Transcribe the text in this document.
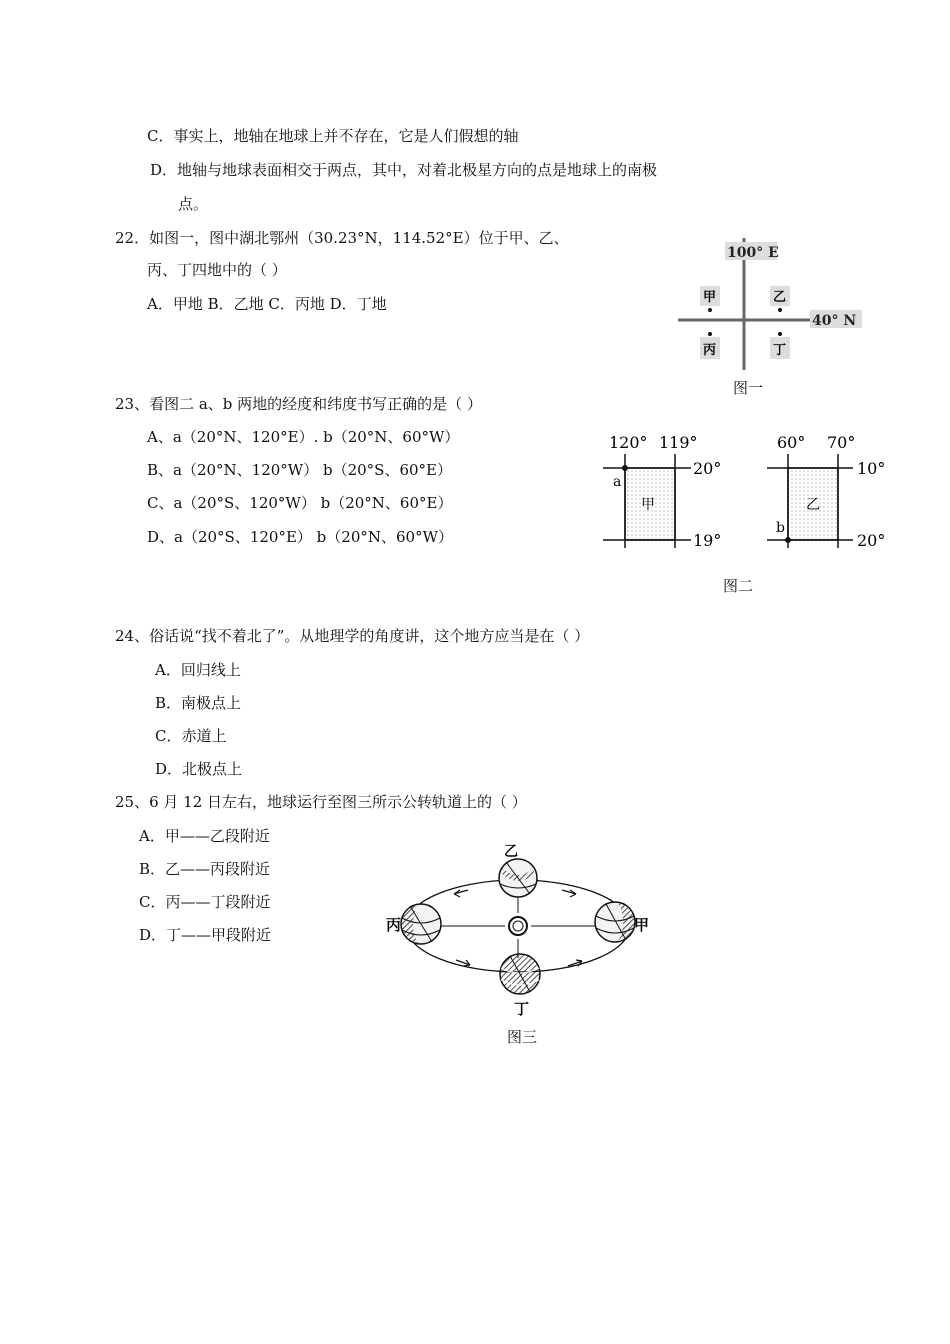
C．事实上，地轴在地球上并不存在，它是人们假想的轴
D．地轴与地球表面相交于两点，其中，对着北极星方向的点是地球上的南极
点。
22．如图一，图中湖北鄂州（30.23°N，114.52°E）位于甲、乙、
丙、丁四地中的（ ）
A．甲地 B．乙地 C．丙地 D．丁地
100° E
40° N
甲	乙
丙	丁
图一
23、看图二 a、b 两地的经度和纬度书写正确的是（ ）
A、a（20°N、120°E）. b（20°N、60°W）
B、a（20°N、120°W） b（20°S、60°E）
C、a（20°S、120°W） b（20°N、60°E）
D、a（20°S、120°E） b（20°N、60°W）
120° 119°
20°
19°
a
甲
60° 70°
10°
20°
b
乙
图二
24、俗话说“找不着北了”。从地理学的角度讲，这个地方应当是在（ ）
A．回归线上
B．南极点上
C．赤道上
D．北极点上
25、6 月 12 日左右，地球运行至图三所示公转轨道上的（ ）
A．甲——乙段附近
B．乙——丙段附近
C．丙——丁段附近
D．丁——甲段附近
乙
丙	甲
丁
图三
